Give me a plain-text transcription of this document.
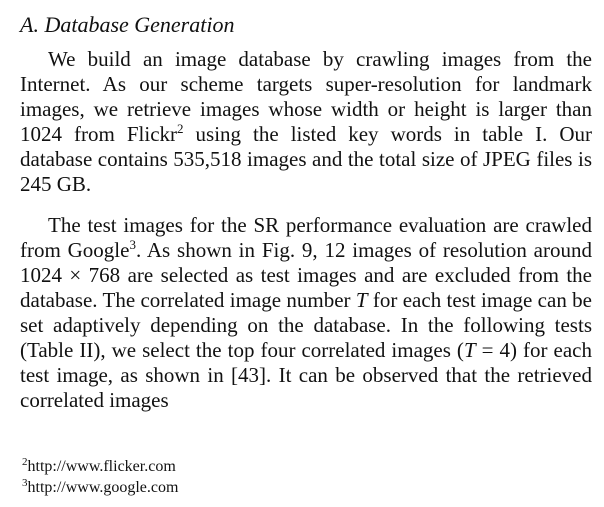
A. Database Generation

We build an image database by crawling images from the Internet. As our scheme targets super-resolution for landmark images, we retrieve images whose width or height is larger than 1024 from Flickr$^2$ using the listed key words in table I. Our database contains 535,518 images and the total size of JPEG files is 245 GB.

The test images for the SR performance evaluation are crawled from Google$^3$. As shown in Fig. 9, 12 images of resolution around 1024 × 768 are selected as test images and are excluded from the database. The correlated image number T for each test image can be set adaptively depending on the database. In the following tests (Table II), we select the top four correlated images (T = 4) for each test image, as shown in [43]. It can be observed that the retrieved correlated images

$^2$http://www.flicker.com
$^3$http://www.google.com
